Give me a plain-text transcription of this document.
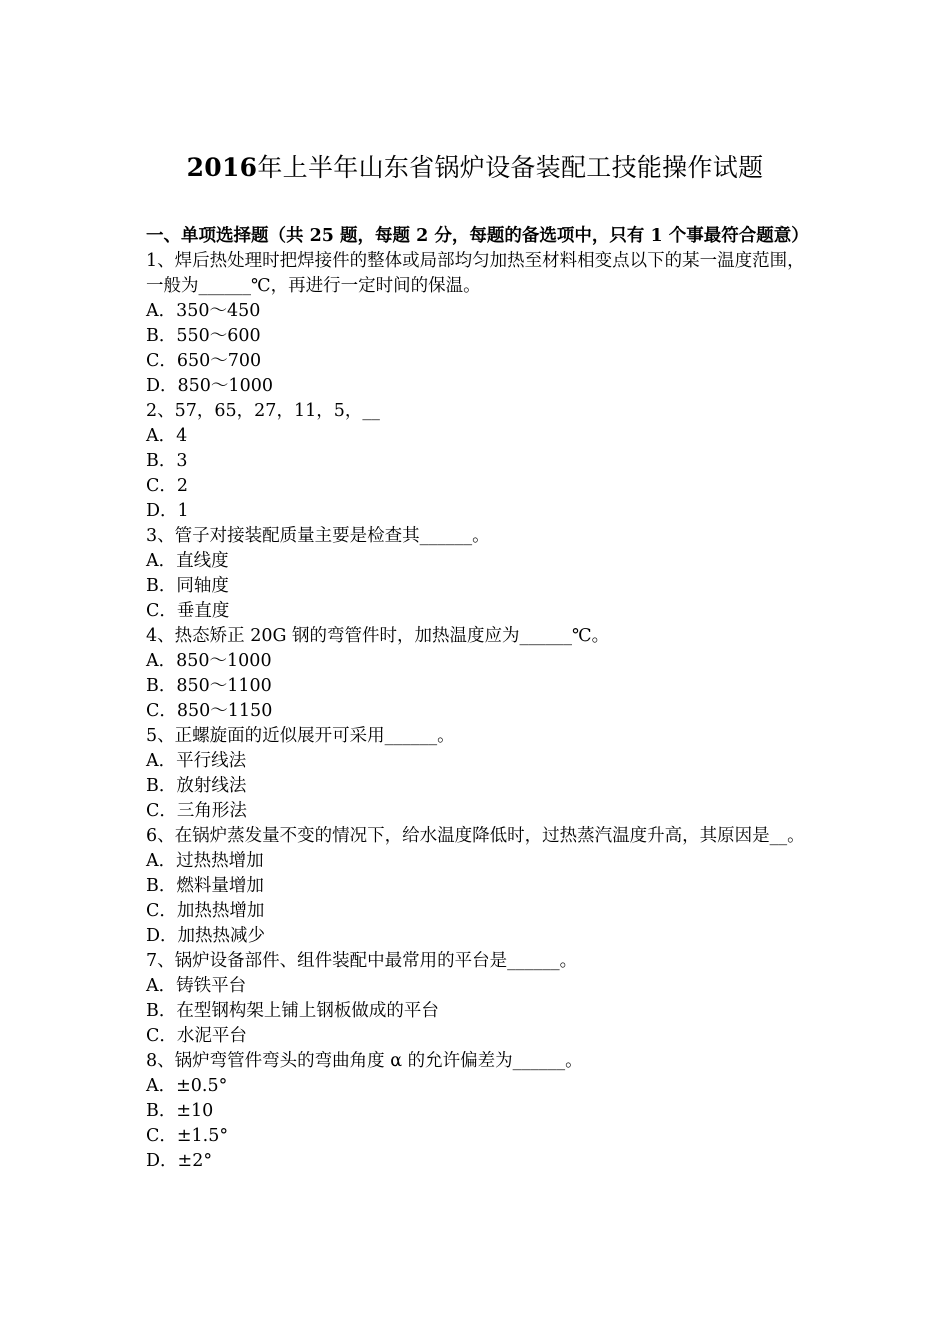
2016年上半年山东省锅炉设备装配工技能操作试题

一、单项选择题（共 25 题，每题 2 分，每题的备选项中，只有 1 个事最符合题意）

1、焊后热处理时把焊接件的整体或局部均匀加热至材料相变点以下的某一温度范围，一般为______℃，再进行一定时间的保温。

A．350～450

B．550～600

C．650～700

D．850～1000

2、57，65，27，11，5，__

A．4

B．3

C．2

D．1

3、管子对接装配质量主要是检查其______。

A．直线度

B．同轴度

C．垂直度

4、热态矫正 20G 钢的弯管件时，加热温度应为______℃。

A．850～1000

B．850～1100

C．850～1150

5、正螺旋面的近似展开可采用______。

A．平行线法

B．放射线法

C．三角形法

6、在锅炉蒸发量不变的情况下，给水温度降低时，过热蒸汽温度升高，其原因是__。

A．过热热增加

B．燃料量增加

C．加热热增加

D．加热热减少

7、锅炉设备部件、组件装配中最常用的平台是______。

A．铸铁平台

B．在型钢构架上铺上钢板做成的平台

C．水泥平台

8、锅炉弯管件弯头的弯曲角度 α 的允许偏差为______。

A．±0.5°

B．±10

C．±1.5°

D．±2°
